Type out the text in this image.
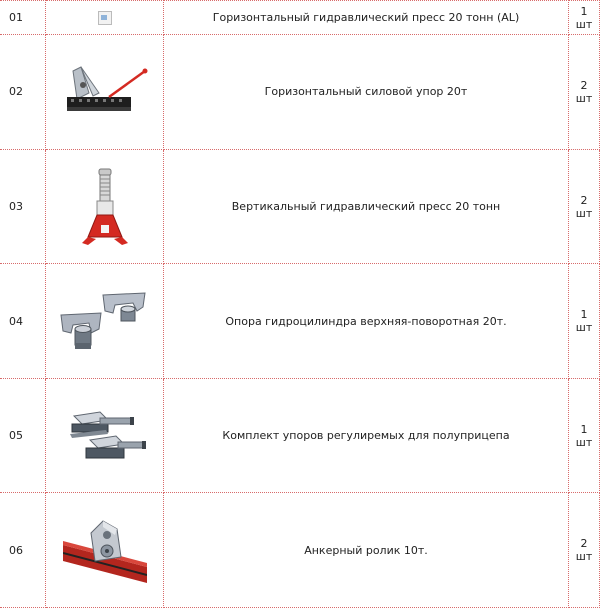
01		Горизонтальный гидравлический пресс 20 тонн (AL)	1
шт

02		Горизонтальный силовой упор 20т	2
шт

03		Вертикальный гидравлический пресс 20 тонн	2
шт

04		Опора гидроцилиндра верхняя-поворотная 20т.	1
шт

05		Комплект упоров регулиремых для полуприцепа	1
шт

06		Анкерный ролик 10т.	2
шт
